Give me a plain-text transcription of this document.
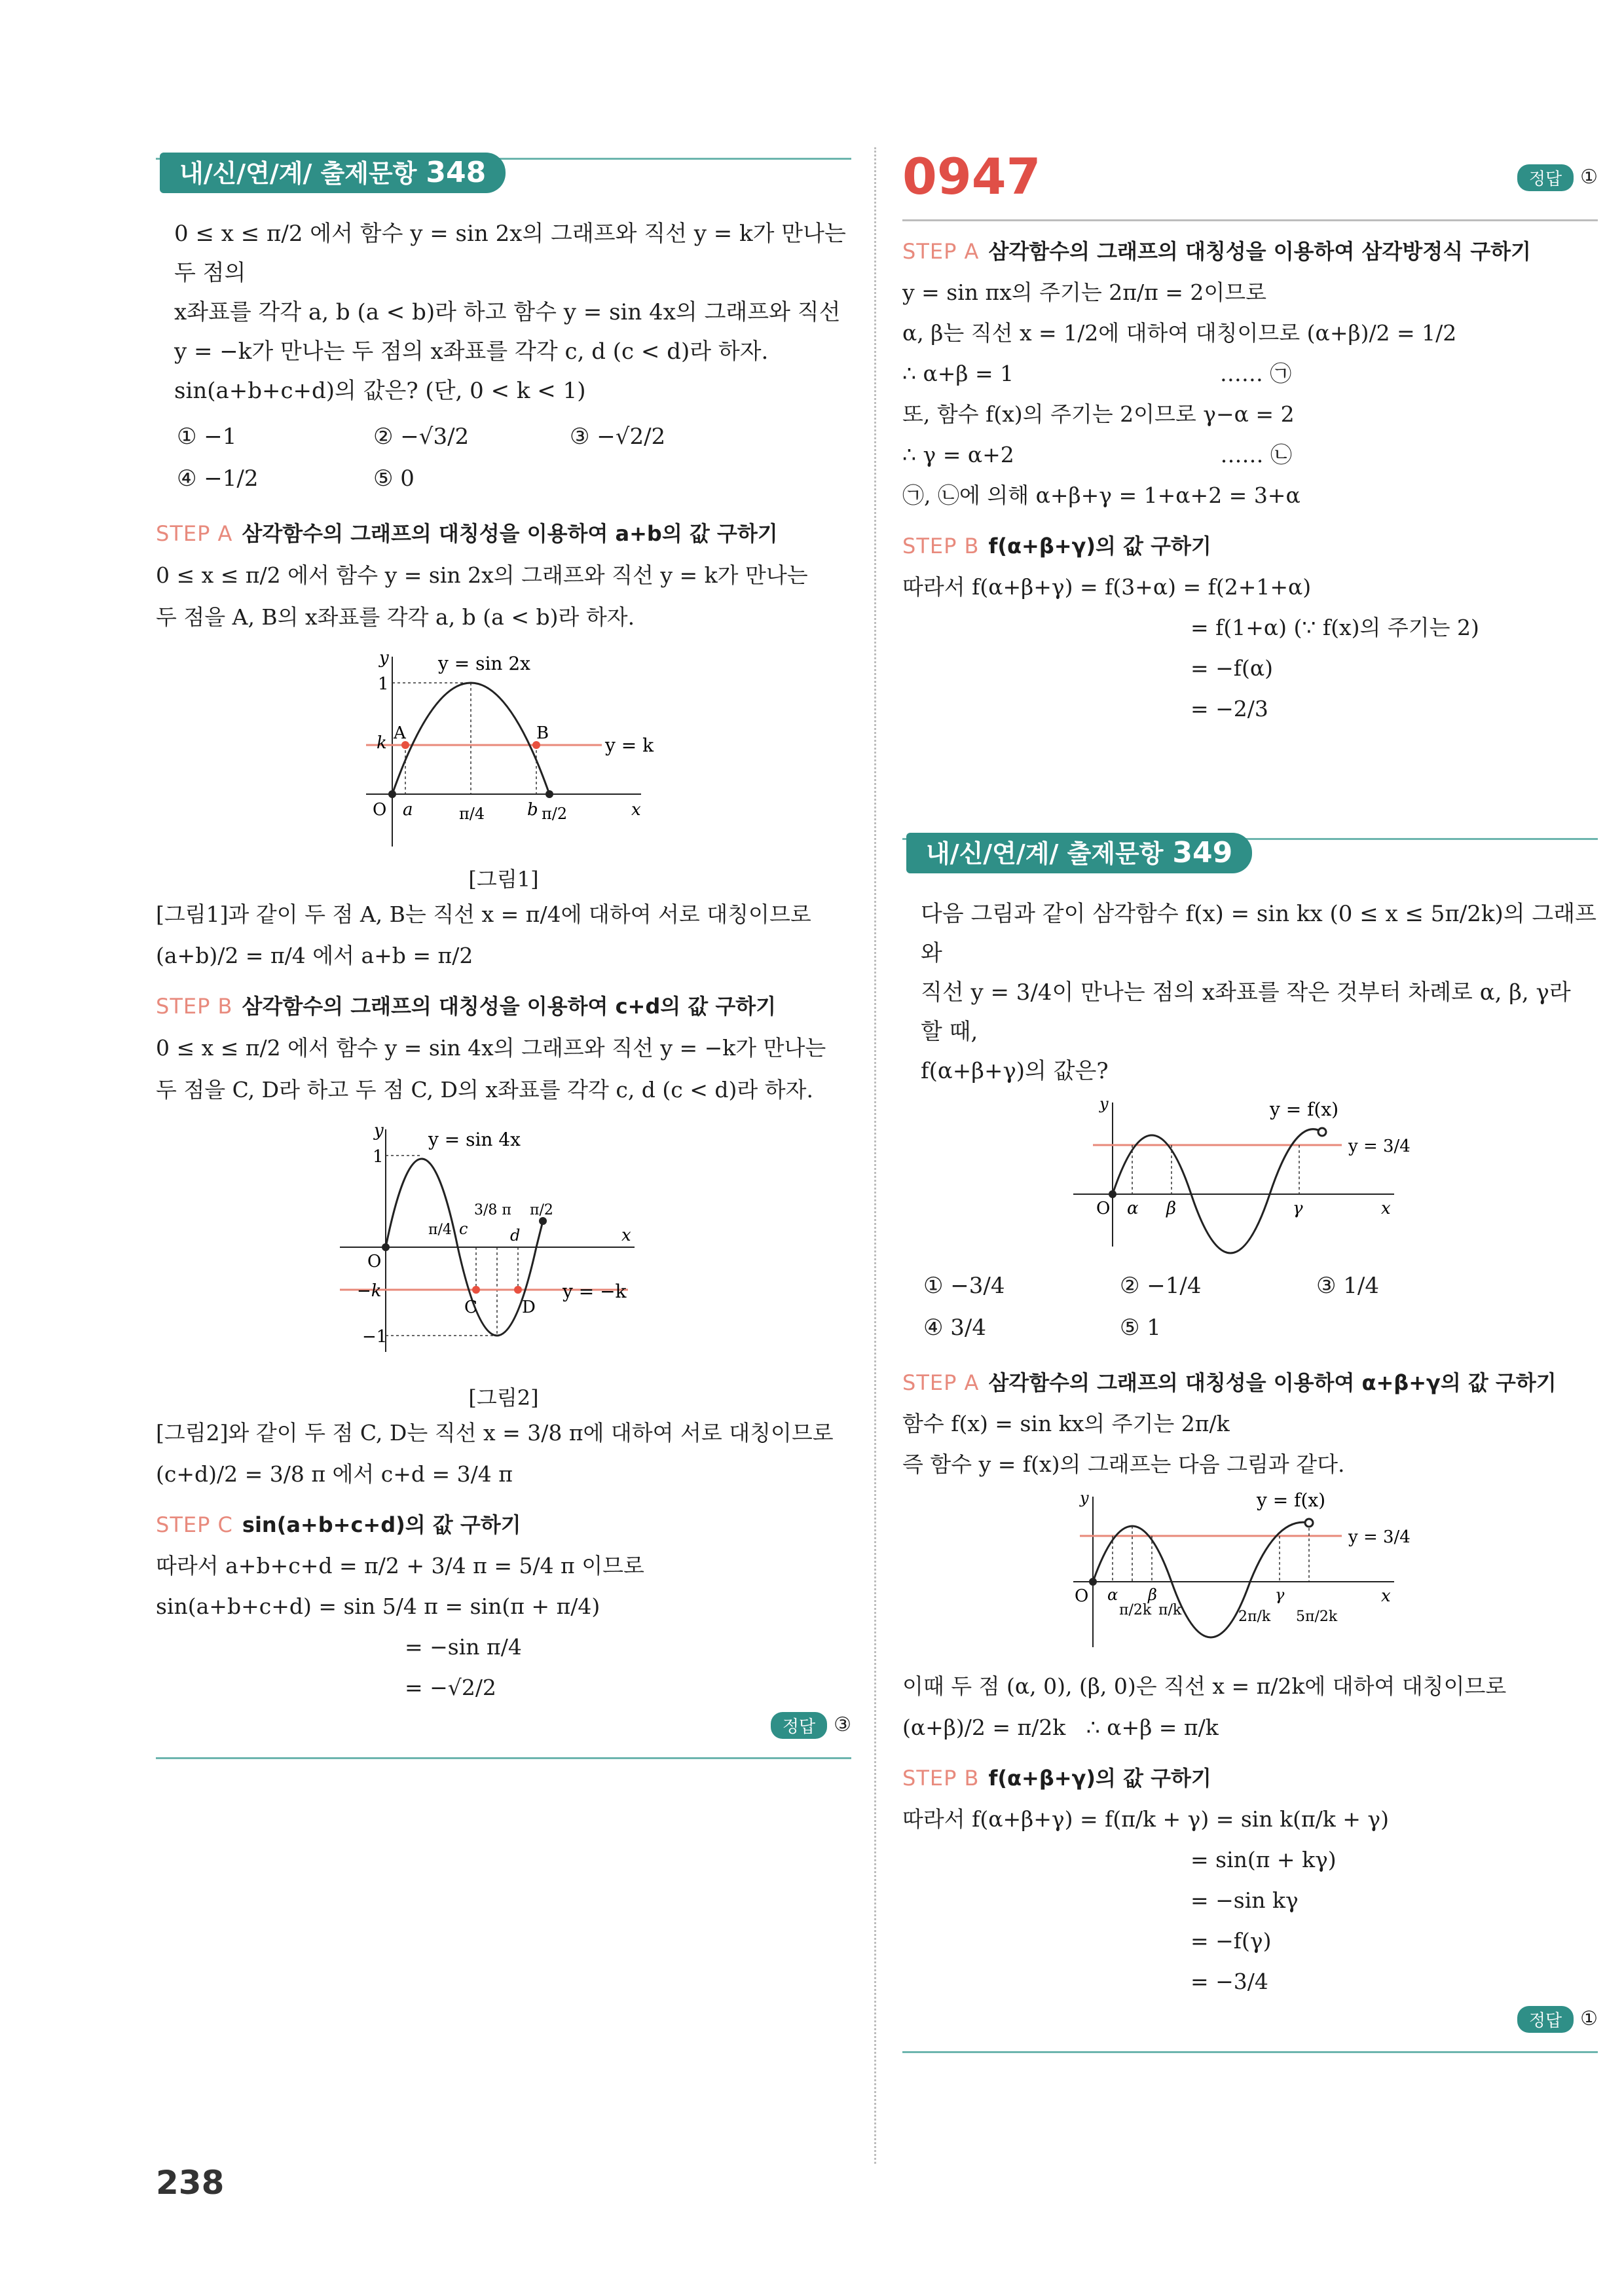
내/신/연/계/ 출제문항 348
0 ≤ x ≤ π/2 에서 함수 y = sin 2x의 그래프와 직선 y = k가 만나는 두 점의
x좌표를 각각 a, b (a < b)라 하고 함수 y = sin 4x의 그래프와 직선
y = −k가 만나는 두 점의 x좌표를 각각 c, d (c < d)라 하자.
sin(a+b+c+d)의 값은? (단, 0 < k < 1)
① −1	② −√3/2	③ −√2/2
④ −1/2	⑤ 0
STEP A 삼각함수의 그래프의 대칭성을 이용하여 a+b의 값 구하기
0 ≤ x ≤ π/2 에서 함수 y = sin 2x의 그래프와 직선 y = k가 만나는
두 점을 A, B의 x좌표를 각각 a, b (a < b)라 하자.
y = sin 2x
y = k
y
x
1
k A	B
O a	π/4 b π/2
[그림1]
[그림1]과 같이 두 점 A, B는 직선 x = π/4에 대하여 서로 대칭이므로
(a+b)/2 = π/4 에서 a+b = π/2
STEP B 삼각함수의 그래프의 대칭성을 이용하여 c+d의 값 구하기
0 ≤ x ≤ π/2 에서 함수 y = sin 4x의 그래프와 직선 y = −k가 만나는
두 점을 C, D라 하고 두 점 C, D의 x좌표를 각각 c, d (c < d)라 하자.
y = sin 4x
y = −k
y
x
1
−1
−k
O
C	D
π/4 c
3/8 π
d
π/2
[그림2]
[그림2]와 같이 두 점 C, D는 직선 x = 3/8 π에 대하여 서로 대칭이므로
(c+d)/2 = 3/8 π 에서 c+d = 3/4 π
STEP C sin(a+b+c+d)의 값 구하기
따라서 a+b+c+d = π/2 + 3/4 π = 5/4 π 이므로
sin(a+b+c+d) = sin 5/4 π = sin(π + π/4)
= −sin π/4
= −√2/2
정답 ③
0947	정답 ①
STEP A 삼각함수의 그래프의 대칭성을 이용하여 삼각방정식 구하기
y = sin πx의 주기는 2π/π = 2이므로
α, β는 직선 x = 1/2에 대하여 대칭이므로 (α+β)/2 = 1/2
∴ α+β = 1                              …… ㉠
또, 함수 f(x)의 주기는 2이므로 γ−α = 2
∴ γ = α+2                              …… ㉡
㉠, ㉡에 의해 α+β+γ = 1+α+2 = 3+α
STEP B f(α+β+γ)의 값 구하기
따라서 f(α+β+γ) = f(3+α) = f(2+1+α)
= f(1+α) (∵ f(x)의 주기는 2)
= −f(α)
= −2/3
내/신/연/계/ 출제문항 349
다음 그림과 같이 삼각함수 f(x) = sin kx (0 ≤ x ≤ 5π/2k)의 그래프와
직선 y = 3/4이 만나는 점의 x좌표를 작은 것부터 차례로 α, β, γ라 할 때,
f(α+β+γ)의 값은?
y = f(x)
y = 3/4
y
x
O α β	γ
① −3/4	② −1/4	③ 1/4
④ 3/4	⑤ 1
STEP A 삼각함수의 그래프의 대칭성을 이용하여 α+β+γ의 값 구하기
함수 f(x) = sin kx의 주기는 2π/k
즉 함수 y = f(x)의 그래프는 다음 그림과 같다.
y = f(x)
y = 3/4
y
x
O α
π/2k
β
π/k
γ
2π/k 5π/2k
이때 두 점 (α, 0), (β, 0)은 직선 x = π/2k에 대하여 대칭이므로
(α+β)/2 = π/2k   ∴ α+β = π/k
STEP B f(α+β+γ)의 값 구하기
따라서 f(α+β+γ) = f(π/k + γ) = sin k(π/k + γ)
= sin(π + kγ)
= −sin kγ
= −f(γ)
= −3/4
정답 ①
238
